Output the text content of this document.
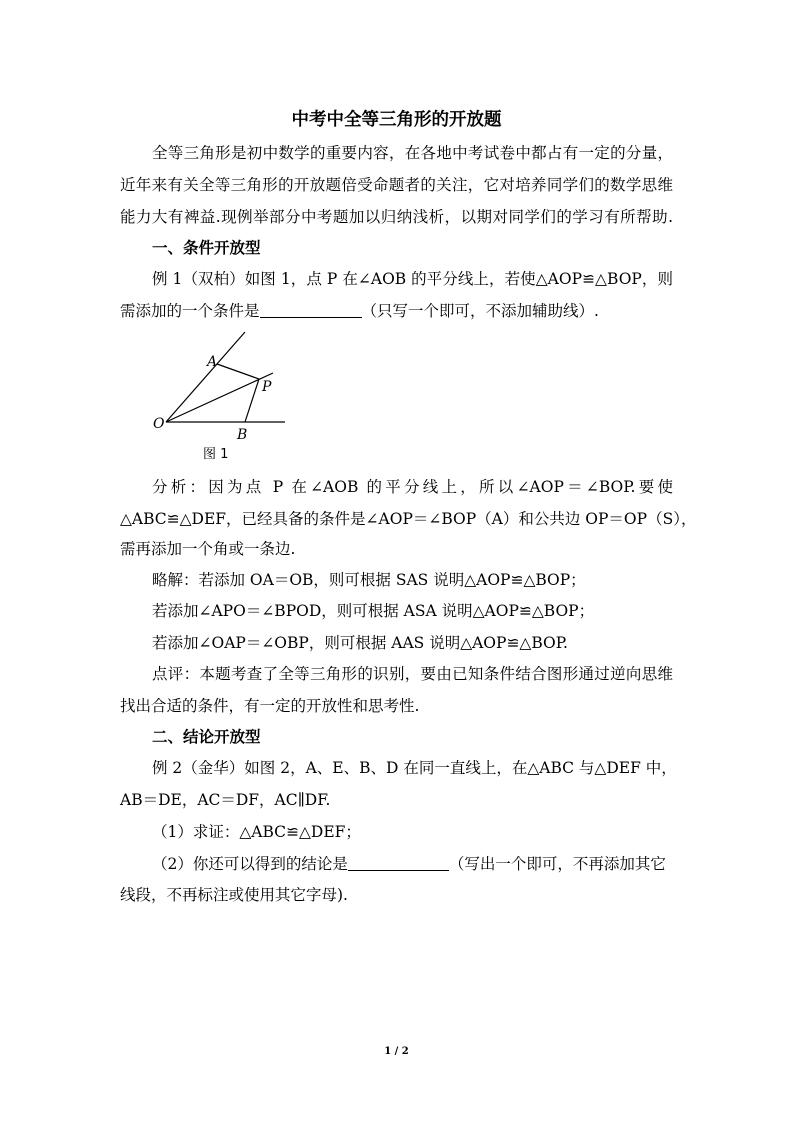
中考中全等三角形的开放题
全等三角形是初中数学的重要内容，在各地中考试卷中都占有一定的分量，
近年来有关全等三角形的开放题倍受命题者的关注，它对培养同学们的数学思维
能力大有裨益.现例举部分中考题加以归纳浅析，以期对同学们的学习有所帮助.
一、条件开放型
例 1（双柏）如图 1，点 P 在∠AOB 的平分线上，若使△AOP≌△BOP，则
需添加的一个条件是	（只写一个即可，不添加辅助线）.
A
P
O
B
图 1
分析：因为点 P 在∠AOB 的平分线上，所以∠AOP＝∠BOP.要使
△ABC≌△DEF，已经具备的条件是∠AOP＝∠BOP（A）和公共边 OP＝OP（S），
需再添加一个角或一条边.
略解：若添加 OA＝OB，则可根据 SAS 说明△AOP≌△BOP；
若添加∠APO＝∠BPOD，则可根据 ASA 说明△AOP≌△BOP；
若添加∠OAP＝∠OBP，则可根据 AAS 说明△AOP≌△BOP.
点评：本题考查了全等三角形的识别，要由已知条件结合图形通过逆向思维
找出合适的条件，有一定的开放性和思考性.
二、结论开放型
例 2（金华）如图 2，A、E、B、D 在同一直线上，在△ABC 与△DEF 中，
AB＝DE，AC＝DF，AC∥DF.
（1）求证：△ABC≌△DEF；
（2）你还可以得到的结论是	（写出一个即可，不再添加其它
线段，不再标注或使用其它字母).
1 / 2
